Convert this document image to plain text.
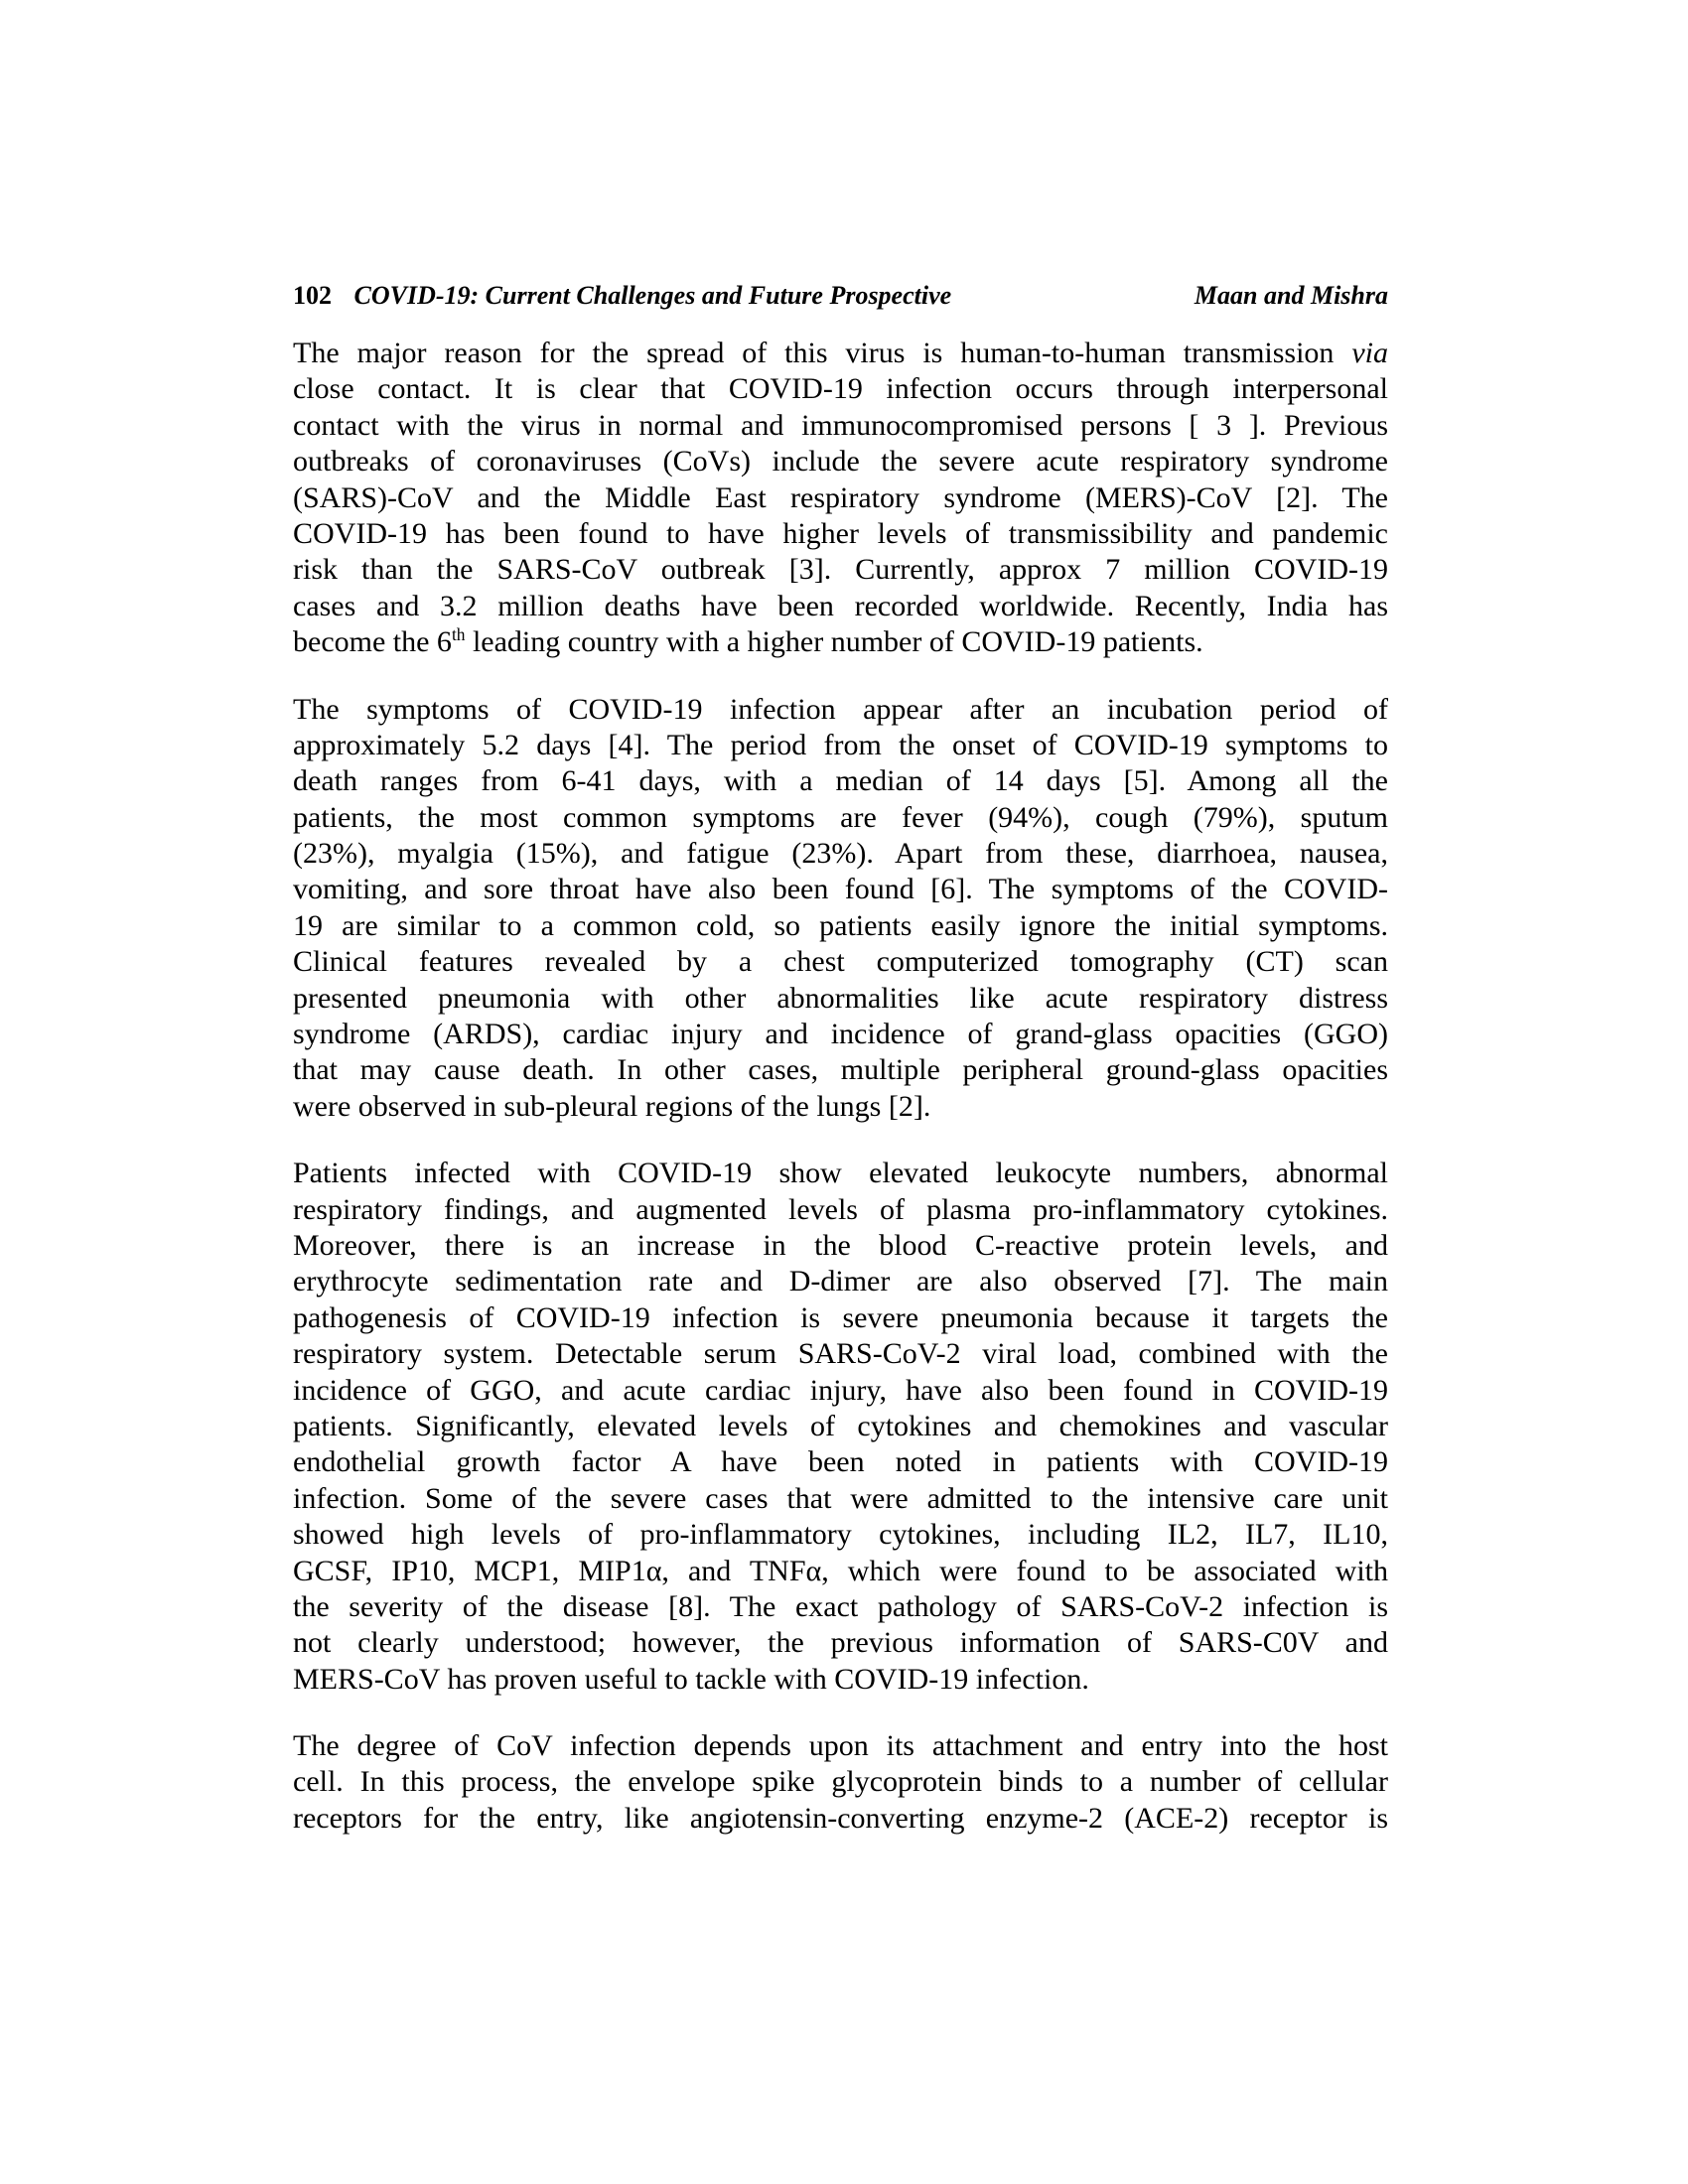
102 COVID-19: Current Challenges and Future Prospective	Maan and Mishra
The major reason for the spread of this virus is human-to-human transmission via
close contact. It is clear that COVID-19 infection occurs through interpersonal
contact with the virus in normal and immunocompromised persons [ 3 ]. Previous
outbreaks of coronaviruses (CoVs) include the severe acute respiratory syndrome
(SARS)-CoV and the Middle East respiratory syndrome (MERS)-CoV [2]. The
COVID-19 has been found to have higher levels of transmissibility and pandemic
risk than the SARS-CoV outbreak [3]. Currently, approx 7 million COVID-19
cases and 3.2 million deaths have been recorded worldwide. Recently, India has
become the 6th leading country with a higher number of COVID-19 patients.
The symptoms of COVID-19 infection appear after an incubation period of
approximately 5.2 days [4]. The period from the onset of COVID-19 symptoms to
death ranges from 6-41 days, with a median of 14 days [5]. Among all the
patients, the most common symptoms are fever (94%), cough (79%), sputum
(23%), myalgia (15%), and fatigue (23%). Apart from these, diarrhoea, nausea,
vomiting, and sore throat have also been found [6]. The symptoms of the COVID-
19 are similar to a common cold, so patients easily ignore the initial symptoms.
Clinical features revealed by a chest computerized tomography (CT) scan
presented pneumonia with other abnormalities like acute respiratory distress
syndrome (ARDS), cardiac injury and incidence of grand-glass opacities (GGO)
that may cause death. In other cases, multiple peripheral ground-glass opacities
were observed in sub-pleural regions of the lungs [2].
Patients infected with COVID-19 show elevated leukocyte numbers, abnormal
respiratory findings, and augmented levels of plasma pro-inflammatory cytokines.
Moreover, there is an increase in the blood C-reactive protein levels, and
erythrocyte sedimentation rate and D-dimer are also observed [7]. The main
pathogenesis of COVID-19 infection is severe pneumonia because it targets the
respiratory system. Detectable serum SARS-CoV-2 viral load, combined with the
incidence of GGO, and acute cardiac injury, have also been found in COVID-19
patients. Significantly, elevated levels of cytokines and chemokines and vascular
endothelial growth factor A have been noted in patients with COVID-19
infection. Some of the severe cases that were admitted to the intensive care unit
showed high levels of pro-inflammatory cytokines, including IL2, IL7, IL10,
GCSF, IP10, MCP1, MIP1α, and TNFα, which were found to be associated with
the severity of the disease [8]. The exact pathology of SARS-CoV-2 infection is
not clearly understood; however, the previous information of SARS-C0V and
MERS-CoV has proven useful to tackle with COVID-19 infection.
The degree of CoV infection depends upon its attachment and entry into the host
cell. In this process, the envelope spike glycoprotein binds to a number of cellular
receptors for the entry, like angiotensin-converting enzyme-2 (ACE-2) receptor is
